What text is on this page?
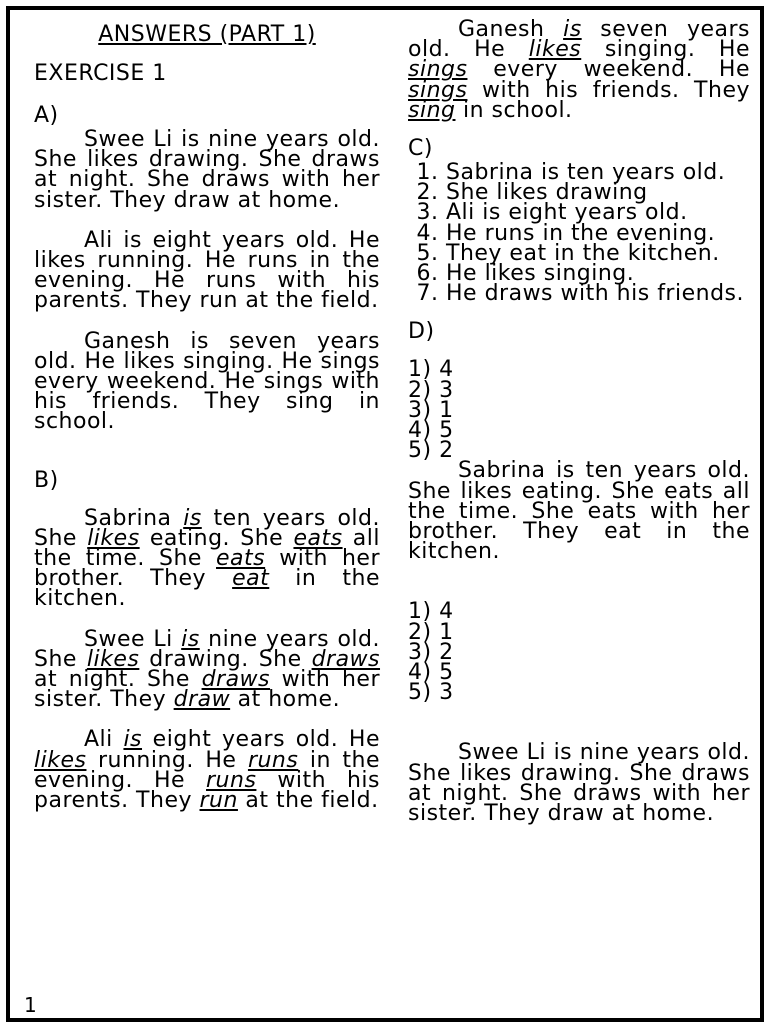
ANSWERS (PART 1)
EXERCISE 1
A)

Swee Li is nine years old. She likes drawing. She draws at night. She draws with her sister. They draw at home.

Ali is eight years old. He likes running. He runs in the evening. He runs with his parents. They run at the field.

Ganesh is seven years old. He likes singing. He sings every weekend. He sings with his friends. They sing in school.

B)

Sabrina is ten years old. She likes eating. She eats all the time. She eats with her brother. They eat in the kitchen.

Swee Li is nine years old. She likes drawing. She draws at night. She draws with her sister. They draw at home.

Ali is eight years old. He likes running. He runs in the evening. He runs with his parents. They run at the field.

Ganesh is seven years old. He likes singing. He sings every weekend. He sings with his friends. They sing in school.

C)
1. Sabrina is ten years old.
2. She likes drawing
3. Ali is eight years old.
4. He runs in the evening.
5. They eat in the kitchen.
6. He likes singing.
7. He draws with his friends.
D)
1) 4
2) 3
3) 1
4) 5
5) 2

Sabrina is ten years old. She likes eating. She eats all the time. She eats with her brother. They eat in the kitchen.

1) 4
2) 1
3) 2
4) 5
5) 3

Swee Li is nine years old. She likes drawing. She draws at night. She draws with her sister. They draw at home.

1
